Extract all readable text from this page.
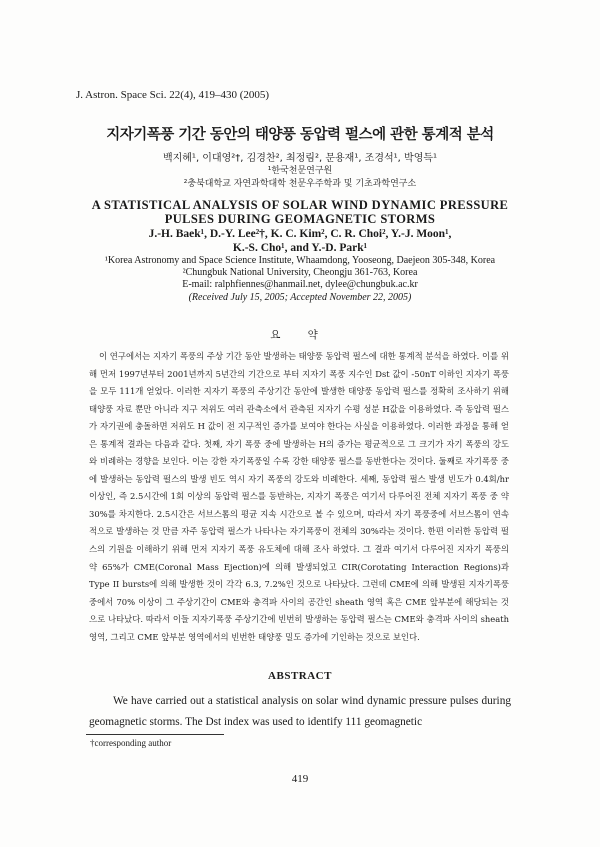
J. Astron. Space Sci. 22(4), 419–430 (2005)
지자기폭풍 기간 동안의 태양풍 동압력 펄스에 관한 통계적 분석
백지혜¹, 이대영²†, 김경찬², 최정림², 문용재¹, 조경석¹, 박영득¹
¹한국천문연구원
²충북대학교 자연과학대학 천문우주학과 및 기초과학연구소
A STATISTICAL ANALYSIS OF SOLAR WIND DYNAMIC PRESSURE
PULSES DURING GEOMAGNETIC STORMS
J.-H. Baek¹, D.-Y. Lee²†, K. C. Kim², C. R. Choi², Y.-J. Moon¹,
K.-S. Cho¹, and Y.-D. Park¹
¹Korea Astronomy and Space Science Institute, Whaamdong, Yooseong, Daejeon 305-348, Korea
²Chungbuk National University, Cheongju 361-763, Korea
E-mail: ralphfiennes@hanmail.net, dylee@chungbuk.ac.kr
(Received July 15, 2005; Accepted November 22, 2005)
요 약

이 연구에서는 지자기 폭풍의 주상 기간 동안 발생하는 태양풍 동압력 펄스에 대한 통계적 분석을 하였다. 이를 위해 먼저 1997년부터 2001년까지 5년간의 기간으로 부터 지자기 폭풍 지수인 Dst 값이 -50nT 이하인 지자기 폭풍을 모두 111개 얻었다. 이러한 지자기 폭풍의 주상기간 동안에 발생한 태양풍 동압력 펄스를 정확히 조사하기 위해 태양풍 자료 뿐만 아니라 지구 저위도 여러 관측소에서 관측된 지자기 수평 성분 H값을 이용하였다. 즉 동압력 펄스가 자기권에 충돌하면 저위도 H 값이 전 지구적인 증가를 보여야 한다는 사실을 이용하였다. 이러한 과정을 통해 얻은 통계적 결과는 다음과 같다. 첫째, 자기 폭풍 중에 발생하는 H의 증가는 평균적으로 그 크기가 자기 폭풍의 강도와 비례하는 경향을 보인다. 이는 강한 자기폭풍일 수록 강한 태양풍 펄스를 동반한다는 것이다. 둘째로 자기폭풍 중에 발생하는 동압력 펄스의 발생 빈도 역시 자기 폭풍의 강도와 비례한다. 세째, 동압력 펄스 발생 빈도가 0.4회/hr 이상인, 즉 2.5시간에 1회 이상의 동압력 펄스를 동반하는, 지자기 폭풍은 여기서 다루어진 전체 지자기 폭풍 중 약 30%를 차지한다. 2.5시간은 서브스톰의 평균 지속 시간으로 볼 수 있으며, 따라서 자기 폭풍중에 서브스톰이 연속적으로 발생하는 것 만큼 자주 동압력 펄스가 나타나는 자기폭풍이 전체의 30%라는 것이다. 한편 이러한 동압력 펄스의 기원을 이해하기 위해 먼저 지자기 폭풍 유도체에 대해 조사 하였다. 그 결과 여기서 다루어진 지자기 폭풍의 약 65%가 CME(Coronal Mass Ejection)에 의해 발생되었고 CIR(Corotating Interaction Regions)과 Type II bursts에 의해 발생한 것이 각각 6.3, 7.2%인 것으로 나타났다. 그런데 CME에 의해 발생된 지자기폭풍 중에서 70% 이상이 그 주상기간이 CME와 충격파 사이의 공간인 sheath 영역 혹은 CME 앞부분에 해당되는 것으로 나타났다. 따라서 이들 지자기폭풍 주상기간에 빈번히 발생하는 동압력 펄스는 CME와 충격파 사이의 sheath 영역, 그리고 CME 앞부분 영역에서의 빈번한 태양풍 밀도 증가에 기인하는 것으로 보인다.

ABSTRACT

We have carried out a statistical analysis on solar wind dynamic pressure pulses during geomagnetic storms. The Dst index was used to identify 111 geomagnetic

†corresponding author
419
